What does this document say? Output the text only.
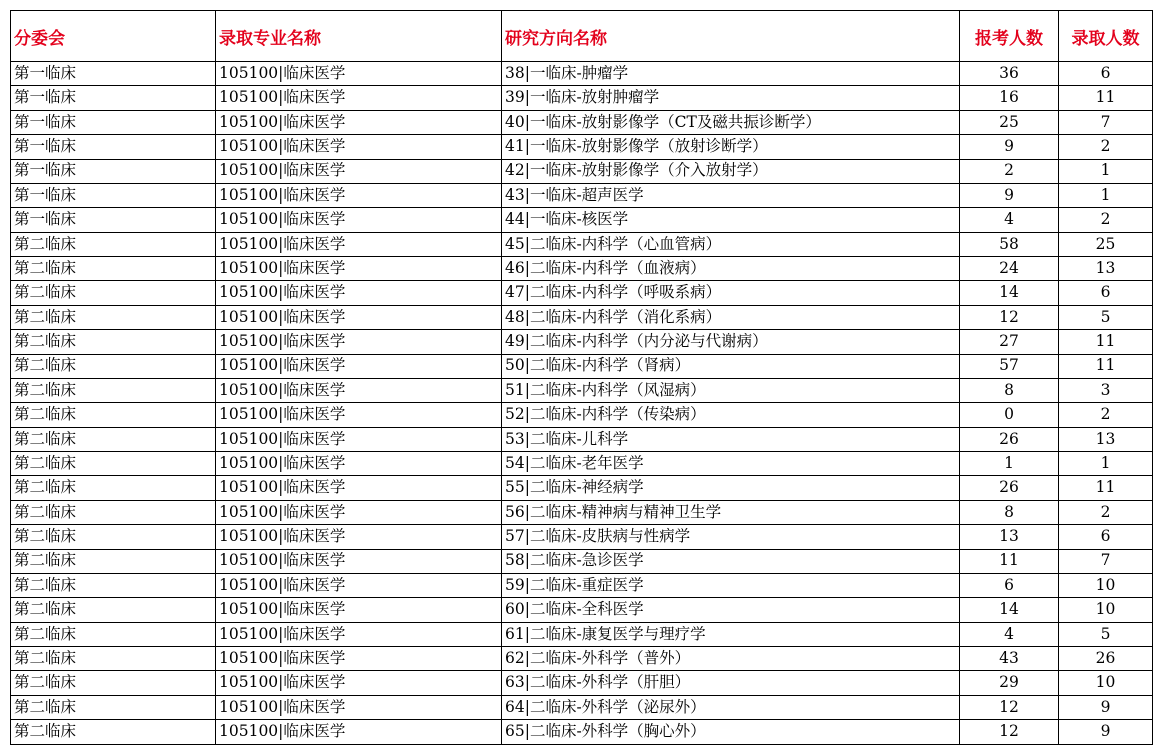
分委会	录取专业名称	研究方向名称	报考人数	录取人数
第一临床	105100|临床医学	38|一临床-肿瘤学	36	6
第一临床	105100|临床医学	39|一临床-放射肿瘤学	16	11
第一临床	105100|临床医学	40|一临床-放射影像学（CT及磁共振诊断学）	25	7
第一临床	105100|临床医学	41|一临床-放射影像学（放射诊断学）	9	2
第一临床	105100|临床医学	42|一临床-放射影像学（介入放射学）	2	1
第一临床	105100|临床医学	43|一临床-超声医学	9	1
第一临床	105100|临床医学	44|一临床-核医学	4	2
第二临床	105100|临床医学	45|二临床-内科学（心血管病）	58	25
第二临床	105100|临床医学	46|二临床-内科学（血液病）	24	13
第二临床	105100|临床医学	47|二临床-内科学（呼吸系病）	14	6
第二临床	105100|临床医学	48|二临床-内科学（消化系病）	12	5
第二临床	105100|临床医学	49|二临床-内科学（内分泌与代谢病）	27	11
第二临床	105100|临床医学	50|二临床-内科学（肾病）	57	11
第二临床	105100|临床医学	51|二临床-内科学（风湿病）	8	3
第二临床	105100|临床医学	52|二临床-内科学（传染病）	0	2
第二临床	105100|临床医学	53|二临床-儿科学	26	13
第二临床	105100|临床医学	54|二临床-老年医学	1	1
第二临床	105100|临床医学	55|二临床-神经病学	26	11
第二临床	105100|临床医学	56|二临床-精神病与精神卫生学	8	2
第二临床	105100|临床医学	57|二临床-皮肤病与性病学	13	6
第二临床	105100|临床医学	58|二临床-急诊医学	11	7
第二临床	105100|临床医学	59|二临床-重症医学	6	10
第二临床	105100|临床医学	60|二临床-全科医学	14	10
第二临床	105100|临床医学	61|二临床-康复医学与理疗学	4	5
第二临床	105100|临床医学	62|二临床-外科学（普外）	43	26
第二临床	105100|临床医学	63|二临床-外科学（肝胆）	29	10
第二临床	105100|临床医学	64|二临床-外科学（泌尿外）	12	9
第二临床	105100|临床医学	65|二临床-外科学（胸心外）	12	9
